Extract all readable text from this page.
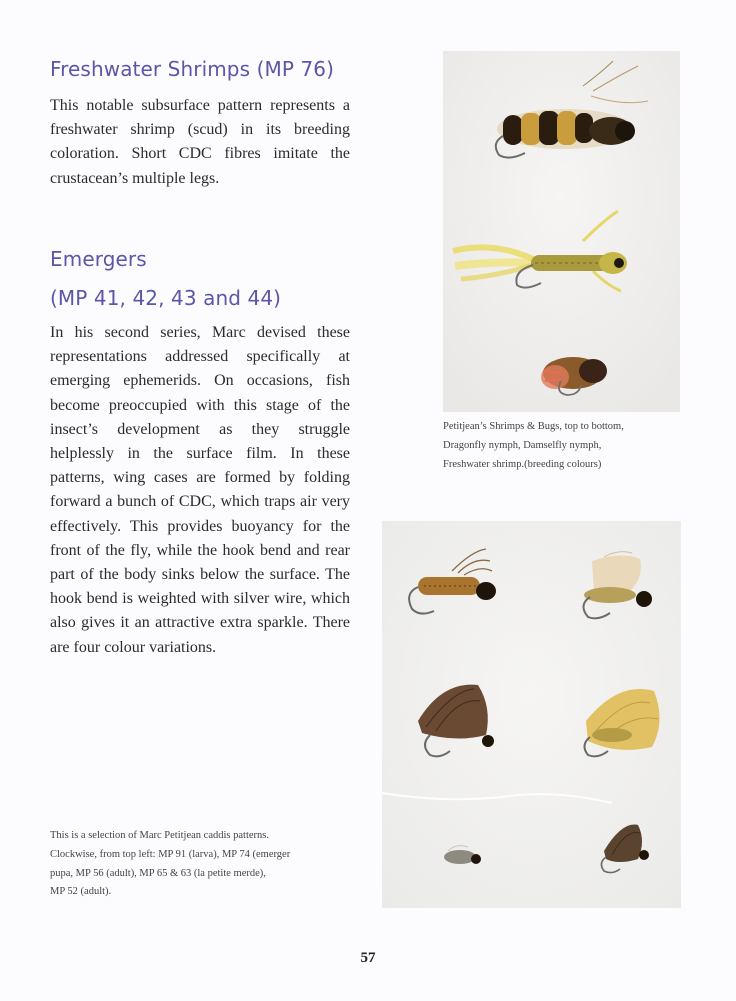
Freshwater Shrimps (MP 76)

This notable subsurface pattern represents a freshwater shrimp (scud) in its breeding coloration. Short CDC fibres imitate the crustacean’s multiple legs.

Emergers
(MP 41, 42, 43 and 44)

In his second series, Marc devised these representations addressed specifically at emerging ephemerids. On occasions, fish become preoccupied with this stage of the insect’s development as they struggle helplessly in the surface film. In these patterns, wing cases are formed by folding forward a bunch of CDC, which traps air very effectively. This provides buoyancy for the front of the fly, while the hook bend and rear part of the body sinks below the surface. The hook bend is weighted with silver wire, which also gives it an attractive extra sparkle. There are four colour variations.

Petitjean’s Shrimps & Bugs, top to bottom,
Dragonfly nymph, Damselfly nymph,
Freshwater shrimp.(breeding colours)

This is a selection of Marc Petitjean caddis patterns.
Clockwise, from top left: MP 91 (larva), MP 74 (emerger
pupa, MP 56 (adult), MP 65 & 63 (la petite merde),
MP 52 (adult).

57
